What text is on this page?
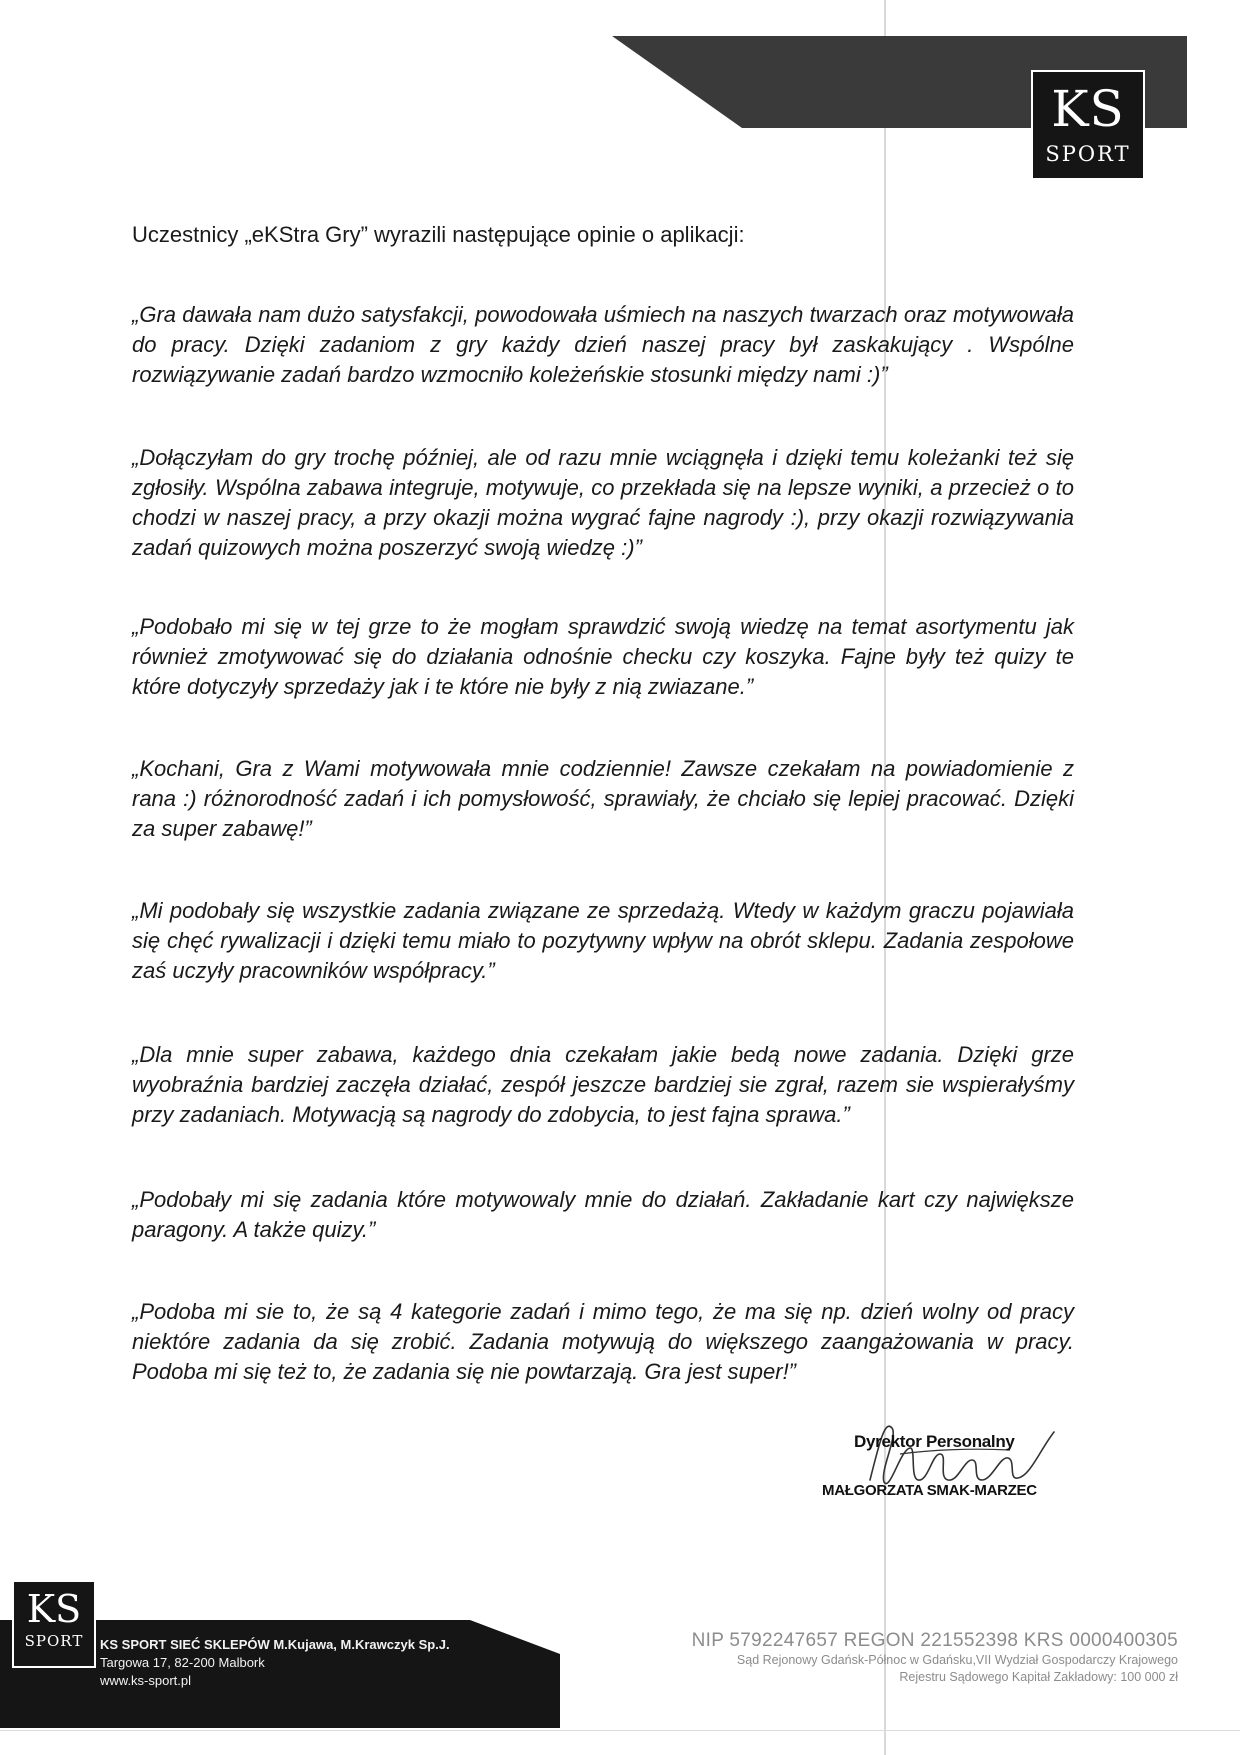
KS
SPORT
Uczestnicy „eKStra Gry” wyrazili następujące opinie o aplikacji:
„Gra dawała nam dużo satysfakcji, powodowała uśmiech na naszych twarzach oraz motywowała do pracy. Dzięki zadaniom z gry każdy dzień naszej pracy był zaskakujący . Wspólne rozwiązywanie zadań bardzo wzmocniło koleżeńskie stosunki między nami :)”
„Dołączyłam do gry trochę później, ale od razu mnie wciągnęła i dzięki temu koleżanki też się zgłosiły. Wspólna zabawa integruje, motywuje, co przekłada się na lepsze wyniki, a przecież o to chodzi w naszej pracy, a przy okazji można wygrać fajne nagrody :), przy okazji rozwiązywania zadań quizowych można poszerzyć swoją wiedzę :)”
„Podobało mi się w tej grze to że mogłam sprawdzić swoją wiedzę na temat asortymentu jak również zmotywować się do działania odnośnie checku czy koszyka. Fajne były też quizy te które dotyczyły sprzedaży jak i te które nie były z nią zwiazane.”
„Kochani, Gra z Wami motywowała mnie codziennie! Zawsze czekałam na powiadomienie z rana :) różnorodność zadań i ich pomysłowość, sprawiały, że chciało się lepiej pracować. Dzięki za super zabawę!”
„Mi podobały się wszystkie zadania związane ze sprzedażą. Wtedy w każdym graczu pojawiała się chęć rywalizacji i dzięki temu miało to pozytywny wpływ na obrót sklepu. Zadania zespołowe zaś uczyły pracowników współpracy.”
„Dla mnie super zabawa, każdego dnia czekałam jakie bedą nowe zadania. Dzięki grze wyobraźnia bardziej zaczęła działać, zespół jeszcze bardziej sie zgrał, razem sie wspierałyśmy przy zadaniach. Motywacją są nagrody do zdobycia, to jest fajna sprawa.”
„Podobały mi się zadania które motywowaly mnie do działań. Zakładanie kart czy największe paragony. A także quizy.”
„Podoba mi sie to, że są 4 kategorie zadań i mimo tego, że ma się np. dzień wolny od pracy niektóre zadania da się zrobić. Zadania motywują do większego zaangażowania w pracy. Podoba mi się też to, że zadania się nie powtarzają. Gra jest super!”
Dyrektor Personalny
MAŁGORZATA SMAK-MARZEC
KS
SPORT	KS SPORT SIEĆ SKLEPÓW M.Kujawa, M.Krawczyk Sp.J.
Targowa 17, 82-200 Malbork
www.ks-sport.pl
NIP 5792247657 REGON 221552398 KRS 0000400305
Sąd Rejonowy Gdańsk-Północ w Gdańsku,VII Wydział Gospodarczy Krajowego
Rejestru Sądowego Kapitał Zakładowy: 100 000 zł
